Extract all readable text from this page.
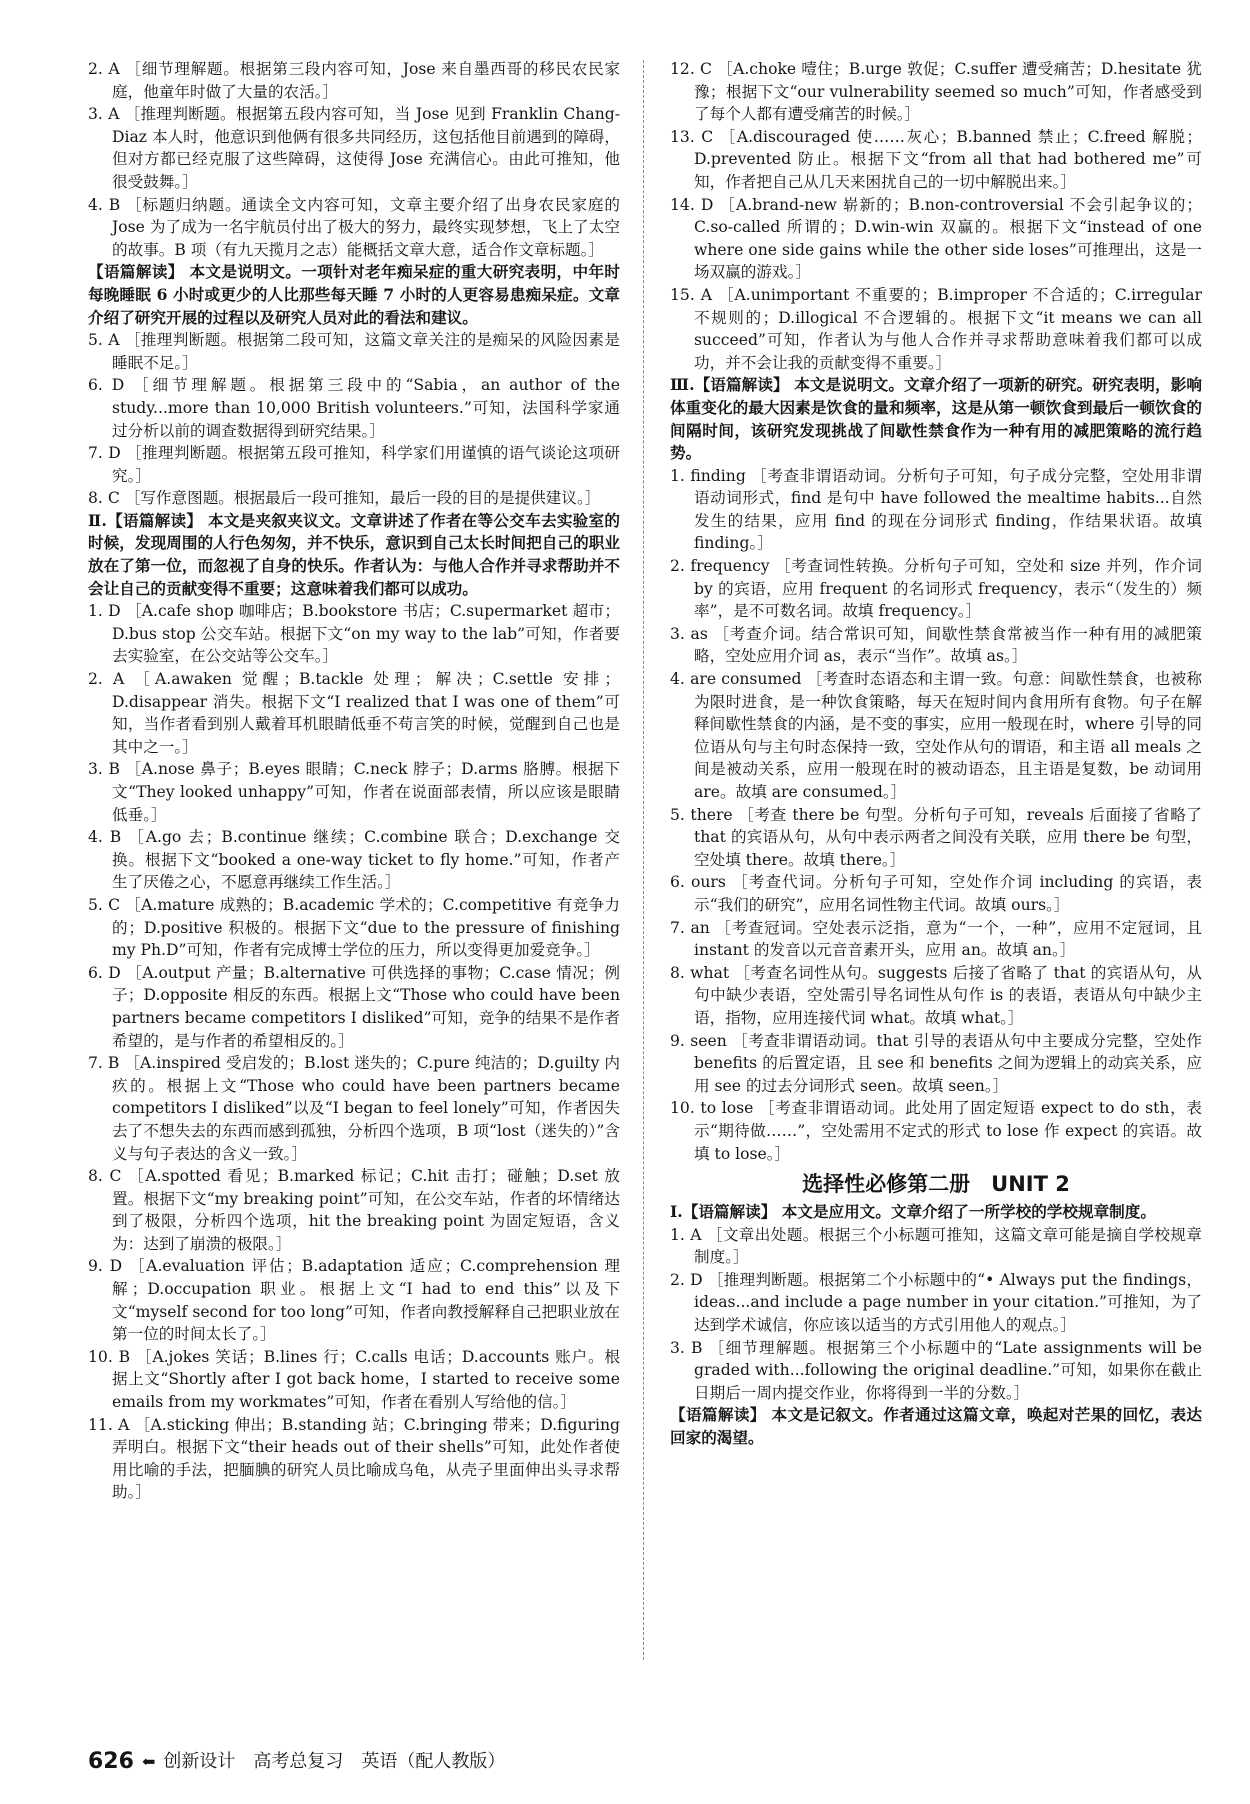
2. A ［细节理解题。根据第三段内容可知，Jose 来自墨西哥的移民农民家庭，他童年时做了大量的农活。］

3. A ［推理判断题。根据第五段内容可知，当 Jose 见到 Franklin Chang-Diaz 本人时，他意识到他俩有很多共同经历，这包括他目前遇到的障碍，但对方都已经克服了这些障碍，这使得 Jose 充满信心。由此可推知，他很受鼓舞。］

4. B ［标题归纳题。通读全文内容可知，文章主要介绍了出身农民家庭的 Jose 为了成为一名宇航员付出了极大的努力，最终实现梦想，飞上了太空的故事。B 项（有九天揽月之志）能概括文章大意，适合作文章标题。］

【语篇解读】 本文是说明文。一项针对老年痴呆症的重大研究表明，中年时每晚睡眠 6 小时或更少的人比那些每天睡 7 小时的人更容易患痴呆症。文章介绍了研究开展的过程以及研究人员对此的看法和建议。

5. A ［推理判断题。根据第二段可知，这篇文章关注的是痴呆的风险因素是睡眠不足。］

6. D ［细节理解题。根据第三段中的“Sabia，an author of the study...more than 10,000 British volunteers.”可知，法国科学家通过分析以前的调查数据得到研究结果。］

7. D ［推理判断题。根据第五段可推知，科学家们用谨慎的语气谈论这项研究。］

8. C ［写作意图题。根据最后一段可推知，最后一段的目的是提供建议。］

Ⅱ.【语篇解读】 本文是夹叙夹议文。文章讲述了作者在等公交车去实验室的时候，发现周围的人行色匆匆，并不快乐，意识到自己太长时间把自己的职业放在了第一位，而忽视了自身的快乐。作者认为：与他人合作并寻求帮助并不会让自己的贡献变得不重要；这意味着我们都可以成功。

1. D ［A.cafe shop 咖啡店；B.bookstore 书店；C.supermarket 超市；D.bus stop 公交车站。根据下文“on my way to the lab”可知，作者要去实验室，在公交站等公交车。］

2. A ［A.awaken 觉醒；B.tackle 处理；解决；C.settle 安排；D.disappear 消失。根据下文“I realized that I was one of them”可知，当作者看到别人戴着耳机眼睛低垂不苟言笑的时候，觉醒到自己也是其中之一。］

3. B ［A.nose 鼻子；B.eyes 眼睛；C.neck 脖子；D.arms 胳膊。根据下文“They looked unhappy”可知，作者在说面部表情，所以应该是眼睛低垂。］

4. B ［A.go 去；B.continue 继续；C.combine 联合；D.exchange 交换。根据下文“booked a one-way ticket to fly home.”可知，作者产生了厌倦之心，不愿意再继续工作生活。］

5. C ［A.mature 成熟的；B.academic 学术的；C.competitive 有竞争力的；D.positive 积极的。根据下文“due to the pressure of finishing my Ph.D”可知，作者有完成博士学位的压力，所以变得更加爱竞争。］

6. D ［A.output 产量；B.alternative 可供选择的事物；C.case 情况；例子；D.opposite 相反的东西。根据上文“Those who could have been partners became competitors I disliked”可知，竞争的结果不是作者希望的，是与作者的希望相反的。］

7. B ［A.inspired 受启发的；B.lost 迷失的；C.pure 纯洁的；D.guilty 内疚的。根据上文“Those who could have been partners became competitors I disliked”以及“I began to feel lonely”可知，作者因失去了不想失去的东西而感到孤独，分析四个选项，B 项“lost（迷失的）”含义与句子表达的含义一致。］

8. C ［A.spotted 看见；B.marked 标记；C.hit 击打；碰触；D.set 放置。根据下文“my breaking point”可知，在公交车站，作者的坏情绪达到了极限，分析四个选项，hit the breaking point 为固定短语，含义为：达到了崩溃的极限。］

9. D ［A.evaluation 评估；B.adaptation 适应；C.comprehension 理解；D.occupation 职业。根据上文“I had to end this”以及下文“myself second for too long”可知，作者向教授解释自己把职业放在第一位的时间太长了。］

10. B ［A.jokes 笑话；B.lines 行；C.calls 电话；D.accounts 账户。根据上文“Shortly after I got back home，I started to receive some emails from my workmates”可知，作者在看别人写给他的信。］

11. A ［A.sticking 伸出；B.standing 站；C.bringing 带来；D.figuring 弄明白。根据下文“their heads out of their shells”可知，此处作者使用比喻的手法，把腼腆的研究人员比喻成乌龟，从壳子里面伸出头寻求帮助。］

12. C ［A.choke 噎住；B.urge 敦促；C.suffer 遭受痛苦；D.hesitate 犹豫；根据下文“our vulnerability seemed so much”可知，作者感受到了每个人都有遭受痛苦的时候。］

13. C ［A.discouraged 使……灰心；B.banned 禁止；C.freed 解脱；D.prevented 防止。根据下文“from all that had bothered me”可知，作者把自己从几天来困扰自己的一切中解脱出来。］

14. D ［A.brand-new 崭新的；B.non-controversial 不会引起争议的；C.so-called 所谓的；D.win-win 双赢的。根据下文“instead of one where one side gains while the other side loses”可推理出，这是一场双赢的游戏。］

15. A ［A.unimportant 不重要的；B.improper 不合适的；C.irregular 不规则的；D.illogical 不合逻辑的。根据下文“it means we can all succeed”可知，作者认为与他人合作并寻求帮助意味着我们都可以成功，并不会让我的贡献变得不重要。］

Ⅲ.【语篇解读】 本文是说明文。文章介绍了一项新的研究。研究表明，影响体重变化的最大因素是饮食的量和频率，这是从第一顿饮食到最后一顿饮食的间隔时间，该研究发现挑战了间歇性禁食作为一种有用的减肥策略的流行趋势。

1. finding ［考查非谓语动词。分析句子可知，句子成分完整，空处用非谓语动词形式，find 是句中 have followed the mealtime habits...自然发生的结果，应用 find 的现在分词形式 finding，作结果状语。故填 finding。］

2. frequency ［考查词性转换。分析句子可知，空处和 size 并列，作介词 by 的宾语，应用 frequent 的名词形式 frequency，表示“（发生的）频率”，是不可数名词。故填 frequency。］

3. as ［考查介词。结合常识可知，间歇性禁食常被当作一种有用的减肥策略，空处应用介词 as，表示“当作”。故填 as。］

4. are consumed ［考查时态语态和主谓一致。句意：间歇性禁食，也被称为限时进食，是一种饮食策略，每天在短时间内食用所有食物。句子在解释间歇性禁食的内涵，是不变的事实，应用一般现在时，where 引导的同位语从句与主句时态保持一致，空处作从句的谓语，和主语 all meals 之间是被动关系，应用一般现在时的被动语态，且主语是复数，be 动词用 are。故填 are consumed。］

5. there ［考查 there be 句型。分析句子可知，reveals 后面接了省略了 that 的宾语从句，从句中表示两者之间没有关联，应用 there be 句型，空处填 there。故填 there。］

6. ours ［考查代词。分析句子可知，空处作介词 including 的宾语，表示“我们的研究”，应用名词性物主代词。故填 ours。］

7. an ［考查冠词。空处表示泛指，意为“一个，一种”，应用不定冠词，且 instant 的发音以元音音素开头，应用 an。故填 an。］

8. what ［考查名词性从句。suggests 后接了省略了 that 的宾语从句，从句中缺少表语，空处需引导名词性从句作 is 的表语，表语从句中缺少主语，指物，应用连接代词 what。故填 what。］

9. seen ［考查非谓语动词。that 引导的表语从句中主要成分完整，空处作 benefits 的后置定语，且 see 和 benefits 之间为逻辑上的动宾关系，应用 see 的过去分词形式 seen。故填 seen。］

10. to lose ［考查非谓语动词。此处用了固定短语 expect to do sth，表示“期待做……”，空处需用不定式的形式 to lose 作 expect 的宾语。故填 to lose。］

选择性必修第二册　UNIT 2

Ⅰ.【语篇解读】 本文是应用文。文章介绍了一所学校的学校规章制度。

1. A ［文章出处题。根据三个小标题可推知，这篇文章可能是摘自学校规章制度。］

2. D ［推理判断题。根据第二个小标题中的“• Always put the findings，ideas...and include a page number in your citation.”可推知，为了达到学术诚信，你应该以适当的方式引用他人的观点。］

3. B ［细节理解题。根据第三个小标题中的“Late assignments will be graded with...following the original deadline.”可知，如果你在截止日期后一周内提交作业，你将得到一半的分数。］

【语篇解读】 本文是记叙文。作者通过这篇文章，唤起对芒果的回忆，表达回家的渴望。

626 ⬅ 创新设计　高考总复习　英语（配人教版）
